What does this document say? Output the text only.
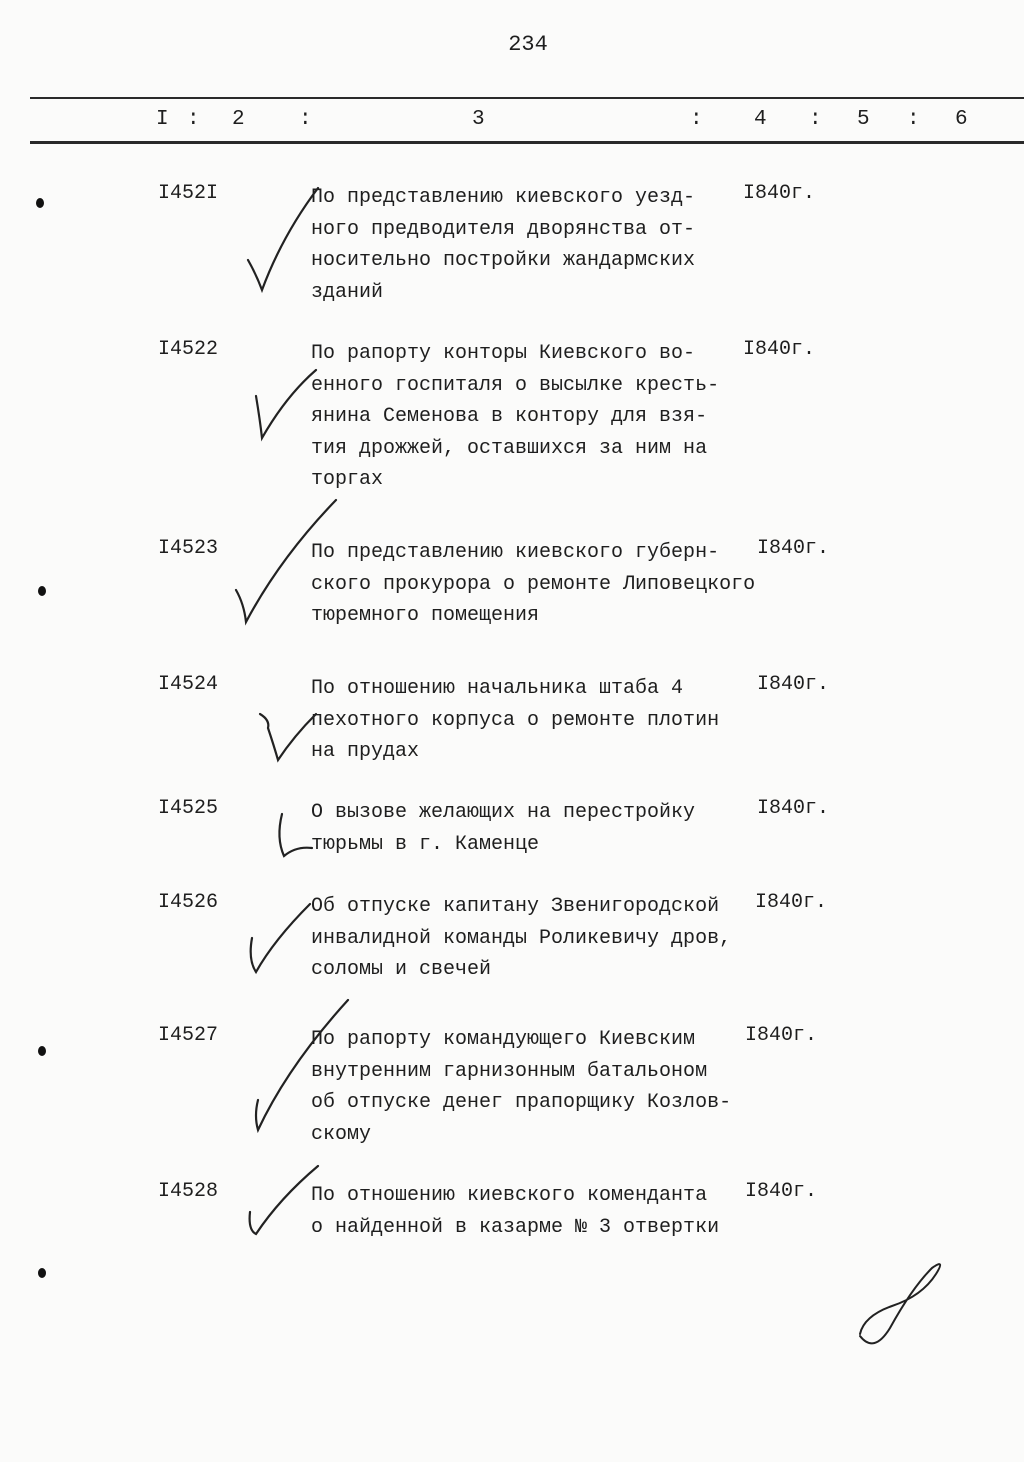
234
I : 2	:	3	: 4 : 5 : 6
I452I	По представлению киевского уезд-
ного предводителя дворянства от-
носительно постройки жандармских
зданий
I840г.
I4522	По рапорту конторы Киевского во-
енного госпиталя о высылке кресть-
янина Семенова в контору для взя-
тия дрожжей, оставшихся за ним на
торгах
I840г.
I4523	По представлению киевского губерн-
ского прокурора о ремонте Липовецкого
тюремного помещения
I840г.
I4524	По отношению начальника штаба 4
пехотного корпуса о ремонте плотин
на прудах
I840г.
I4525	О вызове желающих на перестройку
тюрьмы в г. Каменце
I840г.
I4526	Об отпуске капитану Звенигородской
инвалидной команды Роликевичу дров,
соломы и свечей
I840г.
I4527	По рапорту командующего Киевским
внутренним гарнизонным батальоном
об отпуске денег прапорщику Козлов-
скому
I840г.
I4528	По отношению киевского коменданта
о найденной в казарме № 3 отвертки
I840г.
